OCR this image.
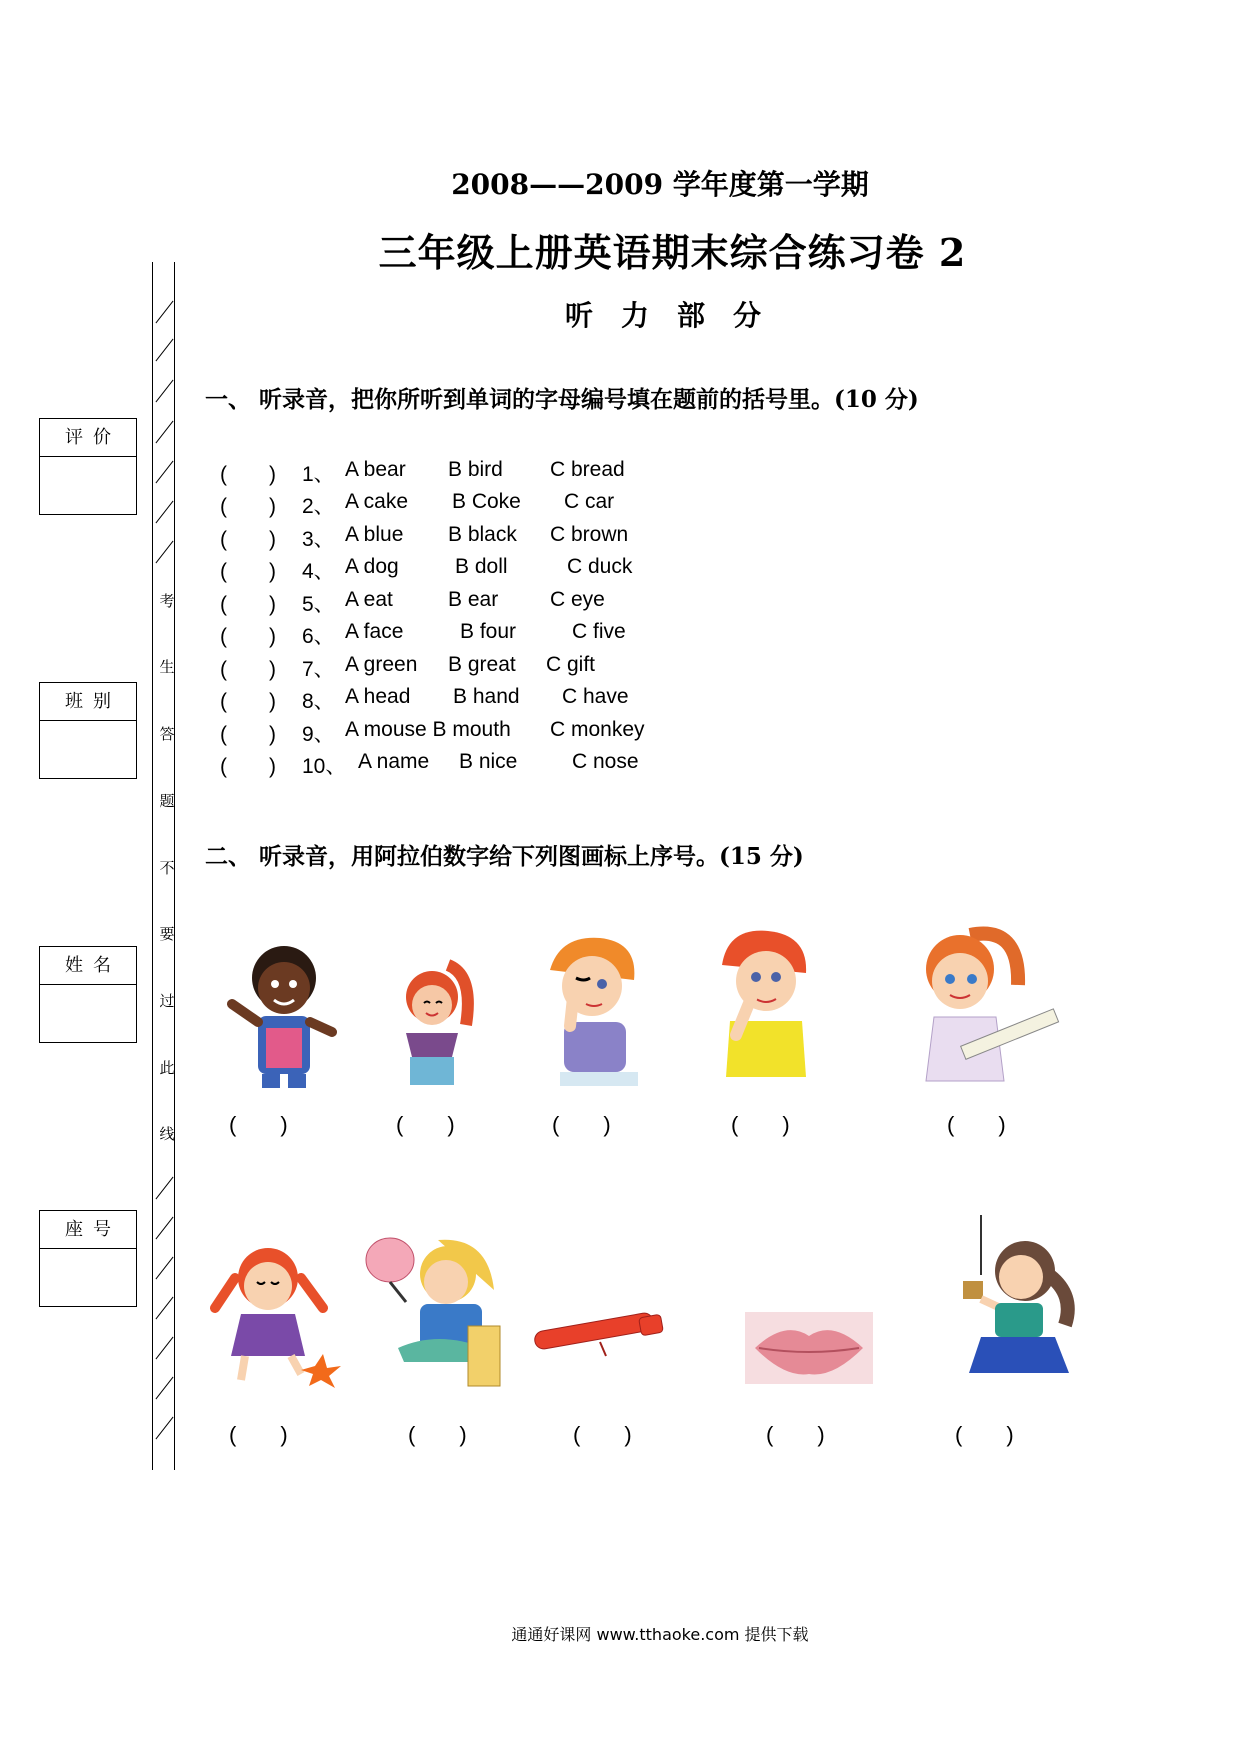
2008——2009 学年度第一学期
三年级上册英语期末综合练习卷 2
听力部分
考
生
答
题
不
要
过
此
线
评价
班别
姓名
座号
一、 听录音，把你所听到单词的字母编号填在题前的括号里。(10 分)
(　　) 1、 A bear B bird C bread
(　　) 2、 A cake B Coke C car
(　　) 3、 A blue B black C brown
(　　) 4、 A dog	B doll	C duck
(　　) 5、 A eat	B ear C eye
(　　) 6、 A face	B four	C five
(　　) 7、 A green B great C gift
(　　) 8、 A head B hand C have
(　　) 9、 A mouse B mouth C monkey
(　　) 10、 A name B nice	C nose
二、 听录音，用阿拉伯数字给下列图画标上序号。(15 分)
(　　)	(　　)	(　　)	(　　)	(　　)
(　　)	(　　)	(　　)	(　　)	(　　)
通通好课网 www.tthaoke.com 提供下载
